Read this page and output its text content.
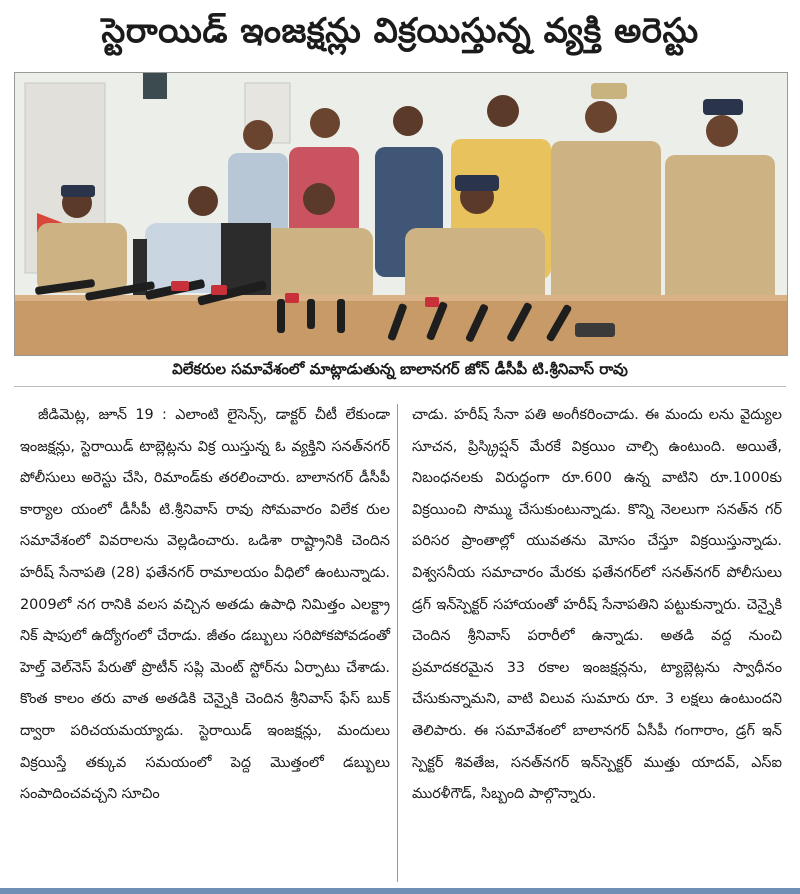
స్టెరాయిడ్ ఇంజక్షన్లు విక్రయిస్తున్న వ్యక్తి అరెస్టు
విలేకరుల సమావేశంలో మాట్లాడుతున్న బాలానగర్ జోన్ డీసీపీ టి.శ్రీనివాస్ రావు

జీడిమెట్ల, జూన్ 19 : ఎలాంటి లైసెన్స్, డాక్టర్ చీటీ లేకుండా ఇంజక్షన్లు, స్టెరాయిడ్ టాబ్లెట్లను విక్ర యిస్తున్న ఓ వ్యక్తిని సనత్‌నగర్ పోలీసులు అరెస్టు చేసి, రిమాండ్‌కు తరలించారు. బాలానగర్ డీసీపీ కార్యాల యంలో డీసీపీ టి.శ్రీనివాస్ రావు సోమవారం విలేక రుల సమావేశంలో వివరాలను వెల్లడించారు. ఒడిశా రాష్ట్రానికి చెందిన హరీష్ సేనాపతి (28) ఫతేనగర్ రామాలయం వీధిలో ఉంటున్నాడు. 2009లో నగ రానికి వలస వచ్చిన అతడు ఉపాధి నిమిత్తం ఎలక్ట్రా నిక్ షాపులో ఉద్యోగంలో చేరాడు. జీతం డబ్బులు సరిపోకపోవడంతో హెల్త్ వెల్‌నెస్ పేరుతో ప్రొటీన్ సప్లి మెంట్ స్టోర్‌ను ఏర్పాటు చేశాడు. కొంత కాలం తరు వాత అతడికి చెన్నైకి చెందిన శ్రీనివాస్ ఫేస్ బుక్ ద్వారా పరిచయమయ్యాడు. స్టెరాయిడ్ ఇంజక్షన్లు, మందులు విక్రయిస్తే తక్కువ సమయంలో పెద్ద మొత్తంలో డబ్బులు సంపాదించవచ్చని సూచిం

చాడు. హరీష్ సేనా పతి అంగీకరించాడు. ఈ మందు లను వైద్యుల సూచన, ప్రిస్క్రిప్షన్ మేరకే విక్రయిం చాల్సి ఉంటుంది. అయితే, నిబంధనలకు విరుద్ధంగా రూ.600 ఉన్న వాటిని రూ.1000కు విక్రయించి సొమ్ము చేసుకుంటున్నాడు. కొన్ని నెలలుగా సనత్‌న గర్ పరిసర ప్రాంతాల్లో యువతను మోసం చేస్తూ విక్రయిస్తున్నాడు. విశ్వసనీయ సమాచారం మేరకు ఫతేనగర్‌లో సనత్‌నగర్ పోలీసులు డ్రగ్ ఇన్‌స్పెక్టర్ సహాయంతో హరీష్ సేనాపతిని పట్టుకున్నారు. చెన్నైకి చెందిన శ్రీనివాస్ పరారీలో ఉన్నాడు. అతడి వద్ద నుంచి ప్రమాదకరమైన 33 రకాల ఇంజక్షన్లను, ట్యాబ్లెట్లను స్వాధీనం చేసుకున్నామని, వాటి విలువ సుమారు రూ. 3 లక్షలు ఉంటుందని తెలిపారు. ఈ సమావేశంలో బాలానగర్ ఏసీపీ గంగారాం, డ్రగ్ ఇన్ స్పెక్టర్ శివతేజ, సనత్‌నగర్ ఇన్‌స్పెక్టర్ ముత్తు యాదవ్, ఎస్ఐ మురళీగౌడ్, సిబ్బంది పాల్గొన్నారు.
